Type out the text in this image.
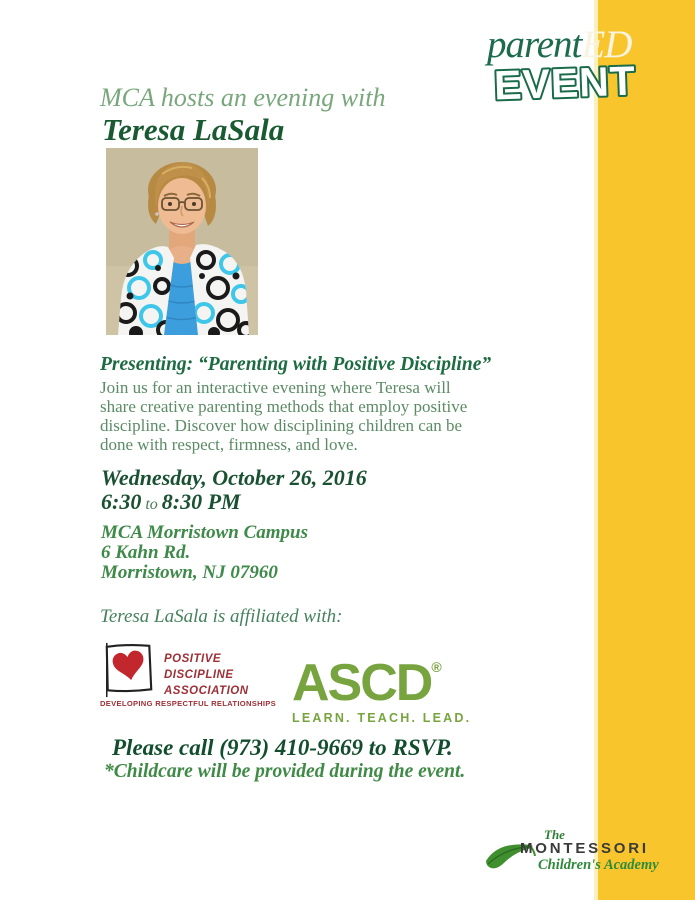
parentED
EVENT
MCA hosts an evening with
Teresa LaSala
Presenting: “Parenting with Positive Discipline”
Join us for an interactive evening where Teresa will
share creative parenting methods that employ positive
discipline. Discover how disciplining children can be
done with respect, firmness, and love.
Wednesday, October 26, 2016
6:30 to 8:30 PM
MCA Morristown Campus
6 Kahn Rd.
Morristown, NJ 07960
Teresa LaSala is affiliated with:
POSITIVE
DISCIPLINE
ASSOCIATION
DEVELOPING RESPECTFUL RELATIONSHIPS ASCD®
LEARN. TEACH. LEAD.
Please call (973) 410-9669 to RSVP.
*Childcare will be provided during the event.
The
MONTESSORI
Children's Academy
